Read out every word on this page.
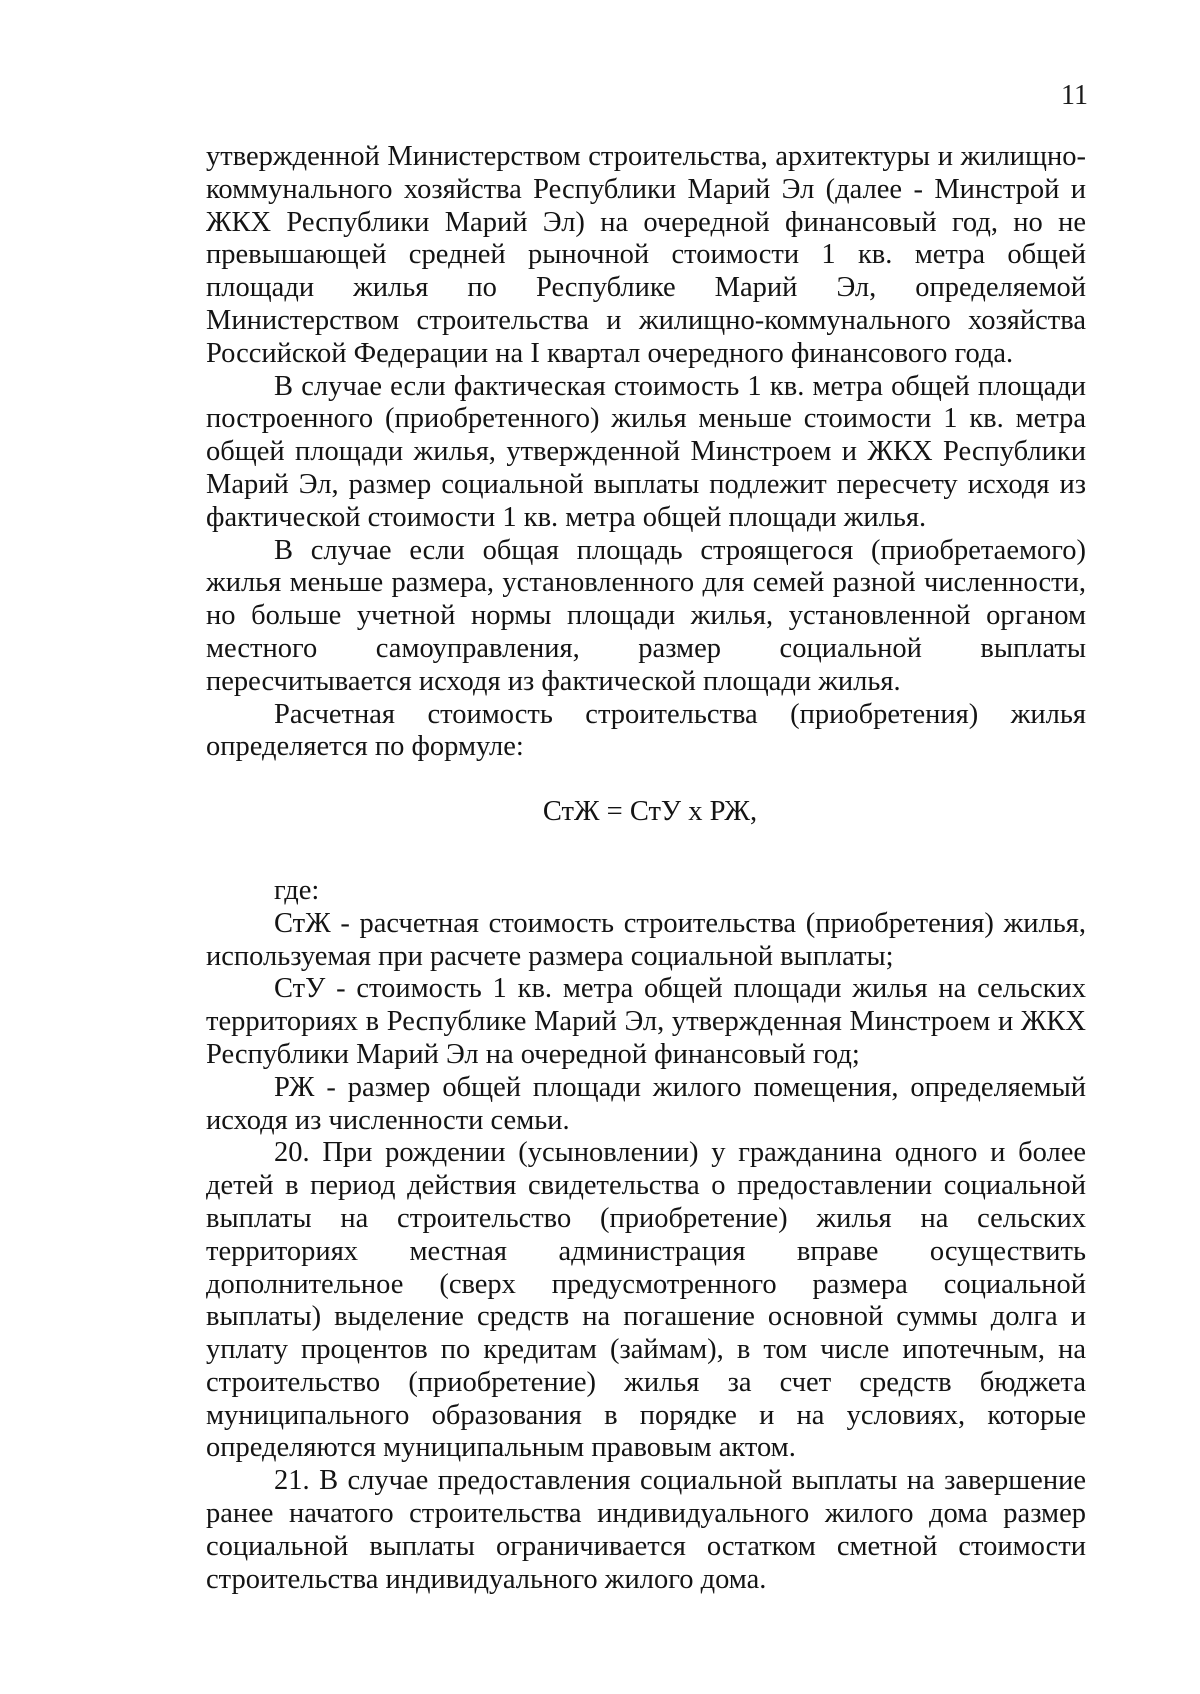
11

утвержденной Министерством строительства, архитектуры и жилищно-коммунального хозяйства Республики Марий Эл (далее - Минстрой и ЖКХ Республики Марий Эл) на очередной финансовый год, но не превышающей средней рыночной стоимости 1 кв. метра общей площади жилья по Республике Марий Эл, определяемой Министерством строительства и жилищно-коммунального хозяйства Российской Федерации на I квартал очередного финансового года.

В случае если фактическая стоимость 1 кв. метра общей площади построенного (приобретенного) жилья меньше стоимости 1 кв. метра общей площади жилья, утвержденной Минстроем и ЖКХ Республики Марий Эл, размер социальной выплаты подлежит пересчету исходя из фактической стоимости 1 кв. метра общей площади жилья.

В случае если общая площадь строящегося (приобретаемого) жилья меньше размера, установленного для семей разной численности, но больше учетной нормы площади жилья, установленной органом местного самоуправления, размер социальной выплаты пересчитывается исходя из фактической площади жилья.

Расчетная стоимость строительства (приобретения) жилья определяется по формуле:

СтЖ = СтУ х РЖ,

где:

СтЖ - расчетная стоимость строительства (приобретения) жилья, используемая при расчете размера социальной выплаты;

СтУ - стоимость 1 кв. метра общей площади жилья на сельских территориях в Республике Марий Эл, утвержденная Минстроем и ЖКХ Республики Марий Эл на очередной финансовый год;

РЖ - размер общей площади жилого помещения, определяемый исходя из численности семьи.

20. При рождении (усыновлении) у гражданина одного и более детей в период действия свидетельства о предоставлении социальной выплаты на строительство (приобретение) жилья на сельских территориях местная администрация вправе осуществить дополнительное (сверх предусмотренного размера социальной выплаты) выделение средств на погашение основной суммы долга и уплату процентов по кредитам (займам), в том числе ипотечным, на строительство (приобретение) жилья за счет средств бюджета муниципального образования в порядке и на условиях, которые определяются муниципальным правовым актом.

21. В случае предоставления социальной выплаты на завершение ранее начатого строительства индивидуального жилого дома размер социальной выплаты ограничивается остатком сметной стоимости строительства индивидуального жилого дома.
